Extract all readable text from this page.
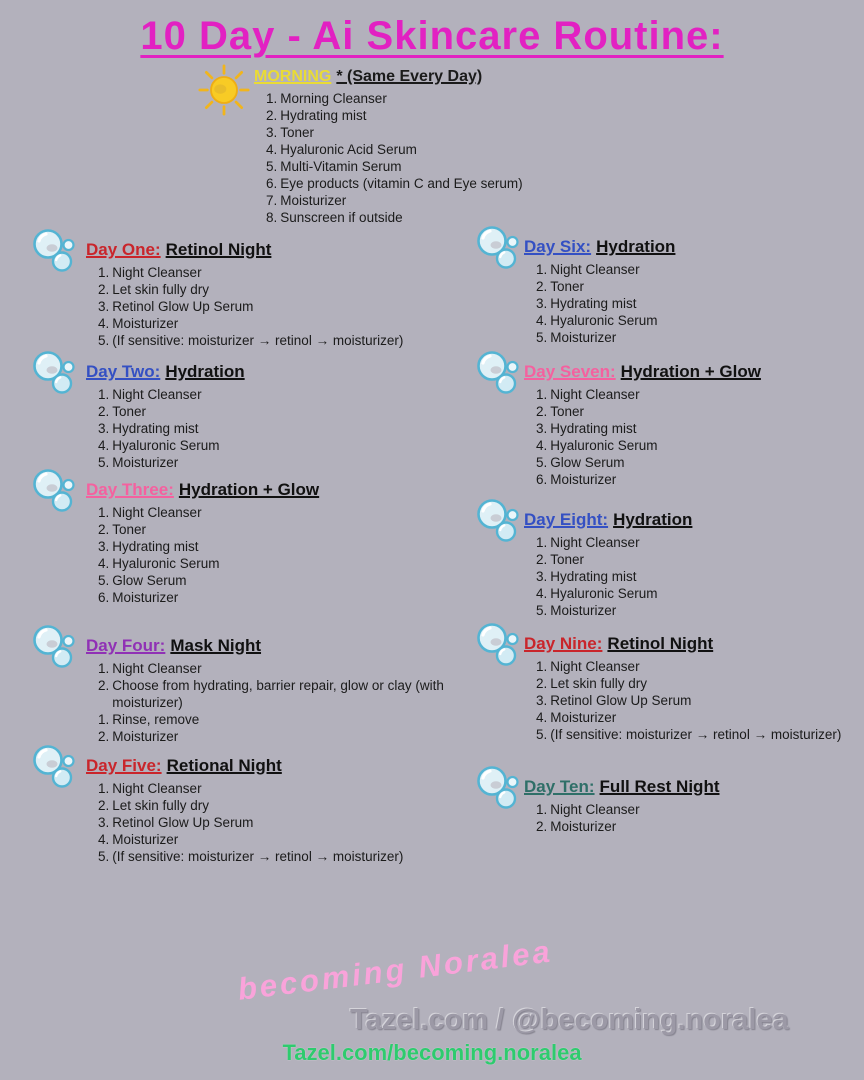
10 Day - Ai Skincare Routine:
MORNING * (Same Every Day)
1. Morning Cleanser
2. Hydrating mist
3. Toner
4. Hyaluronic Acid Serum
5. Multi-Vitamin Serum
6. Eye products (vitamin C and Eye serum)
7. Moisturizer
8. Sunscreen if outside
Day One: Retinol Night
1. Night Cleanser
2. Let skin fully dry
3. Retinol Glow Up Serum
4. Moisturizer
5. (If sensitive: moisturizer → retinol → moisturizer)
Day Two: Hydration
1. Night Cleanser
2. Toner
3. Hydrating mist
4. Hyaluronic Serum
5. Moisturizer
Day Three: Hydration + Glow
1. Night Cleanser
2. Toner
3. Hydrating mist
4. Hyaluronic Serum
5. Glow Serum
6. Moisturizer
Day Four: Mask Night
1. Night Cleanser
2. Choose from hydrating, barrier repair, glow or clay (with moisturizer)
1. Rinse, remove
2. Moisturizer
Day Five: Retional Night
1. Night Cleanser
2. Let skin fully dry
3. Retinol Glow Up Serum
4. Moisturizer
5. (If sensitive: moisturizer → retinol → moisturizer)
Day Six: Hydration
1. Night Cleanser
2. Toner
3. Hydrating mist
4. Hyaluronic Serum
5. Moisturizer
Day Seven: Hydration + Glow
1. Night Cleanser
2. Toner
3. Hydrating mist
4. Hyaluronic Serum
5. Glow Serum
6. Moisturizer
Day Eight: Hydration
1. Night Cleanser
2. Toner
3. Hydrating mist
4. Hyaluronic Serum
5. Moisturizer
Day Nine: Retinol Night
1. Night Cleanser
2. Let skin fully dry
3. Retinol Glow Up Serum
4. Moisturizer
5. (If sensitive: moisturizer → retinol → moisturizer)
Day Ten: Full Rest Night
1. Night Cleanser
2. Moisturizer
becoming Noralea
Tazel.com / @becoming.noralea
Tazel.com/becoming.noralea
